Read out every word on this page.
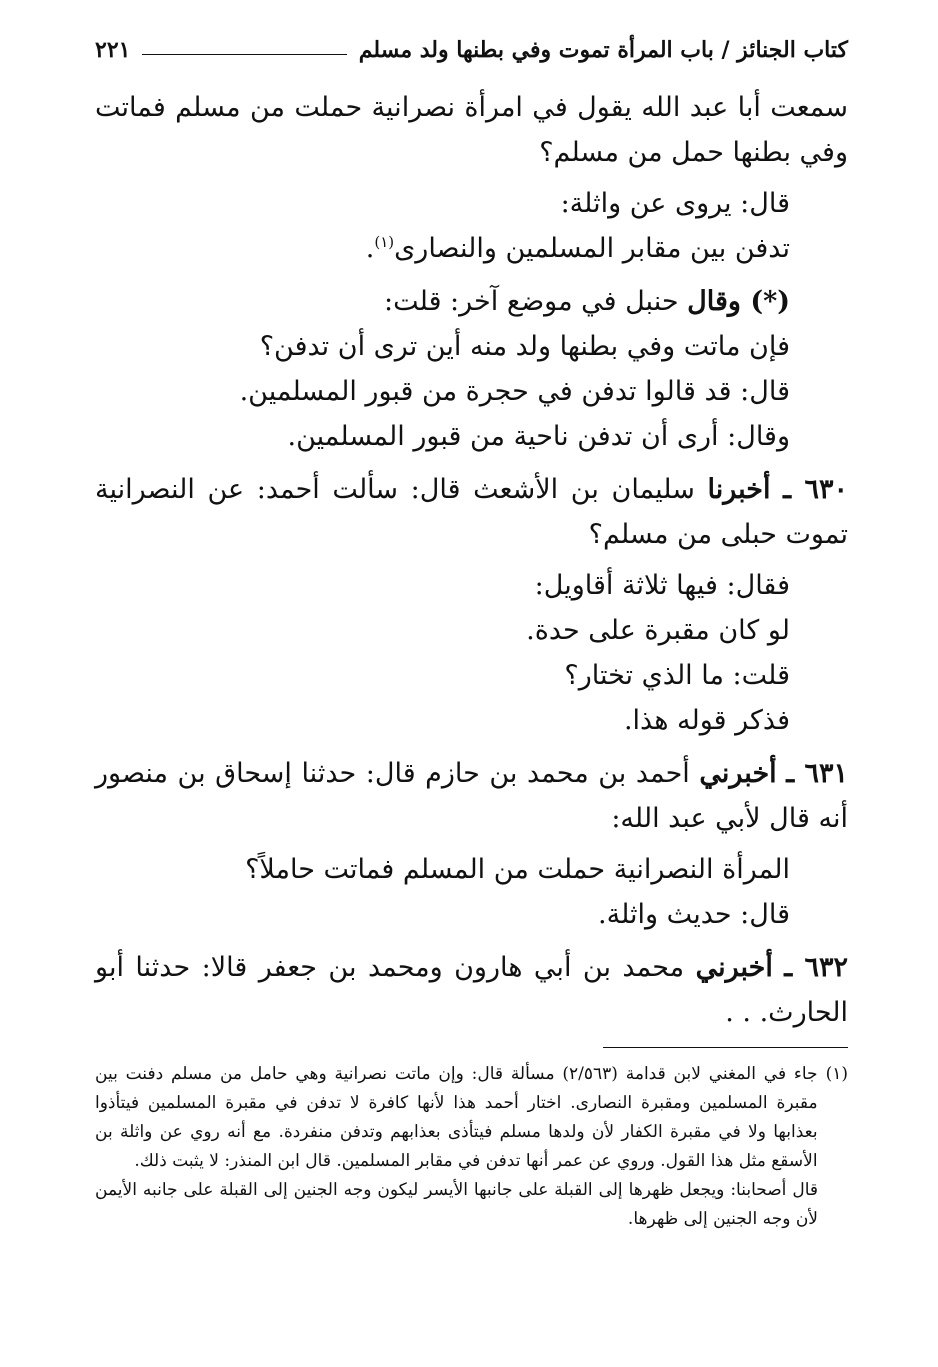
كتاب الجنائز / باب المرأة تموت وفي بطنها ولد مسلم
٢٢١

سمعت أبا عبد الله يقول في امرأة نصرانية حملت من مسلم فماتت وفي بطنها حمل من مسلم؟

قال: يروى عن واثلة:

تدفن بين مقابر المسلمين والنصارى$^{(١)}$.

(*) وقال حنبل في موضع آخر: قلت:

فإن ماتت وفي بطنها ولد منه أين ترى أن تدفن؟

قال: قد قالوا تدفن في حجرة من قبور المسلمين.

وقال: أرى أن تدفن ناحية من قبور المسلمين.

٦٣٠ ـ أخبرنا سليمان بن الأشعث قال: سألت أحمد: عن النصرانية تموت حبلى من مسلم؟

فقال: فيها ثلاثة أقاويل:

لو كان مقبرة على حدة.

قلت: ما الذي تختار؟

فذكر قوله هذا.

٦٣١ ـ أخبرني أحمد بن محمد بن حازم قال: حدثنا إسحاق بن منصور أنه قال لأبي عبد الله:

المرأة النصرانية حملت من المسلم فماتت حاملاً؟

قال: حديث واثلة.

٦٣٢ ـ أخبرني محمد بن أبي هارون ومحمد بن جعفر قالا: حدثنا أبو الحارث. . .

(١)
جاء في المغني لابن قدامة (٢/٥٦٣) مسألة قال: وإن ماتت نصرانية وهي حامل من مسلم دفنت بين مقبرة المسلمين ومقبرة النصارى. اختار أحمد هذا لأنها كافرة لا تدفن في مقبرة المسلمين فيتأذوا بعذابها ولا في مقبرة الكفار لأن ولدها مسلم فيتأذى بعذابهم وتدفن منفردة. مع أنه روي عن واثلة بن الأسقع مثل هذا القول. وروي عن عمر أنها تدفن في مقابر المسلمين. قال ابن المنذر: لا يثبت ذلك.

قال أصحابنا: ويجعل ظهرها إلى القبلة على جانبها الأيسر ليكون وجه الجنين إلى القبلة على جانبه الأيمن لأن وجه الجنين إلى ظهرها.
